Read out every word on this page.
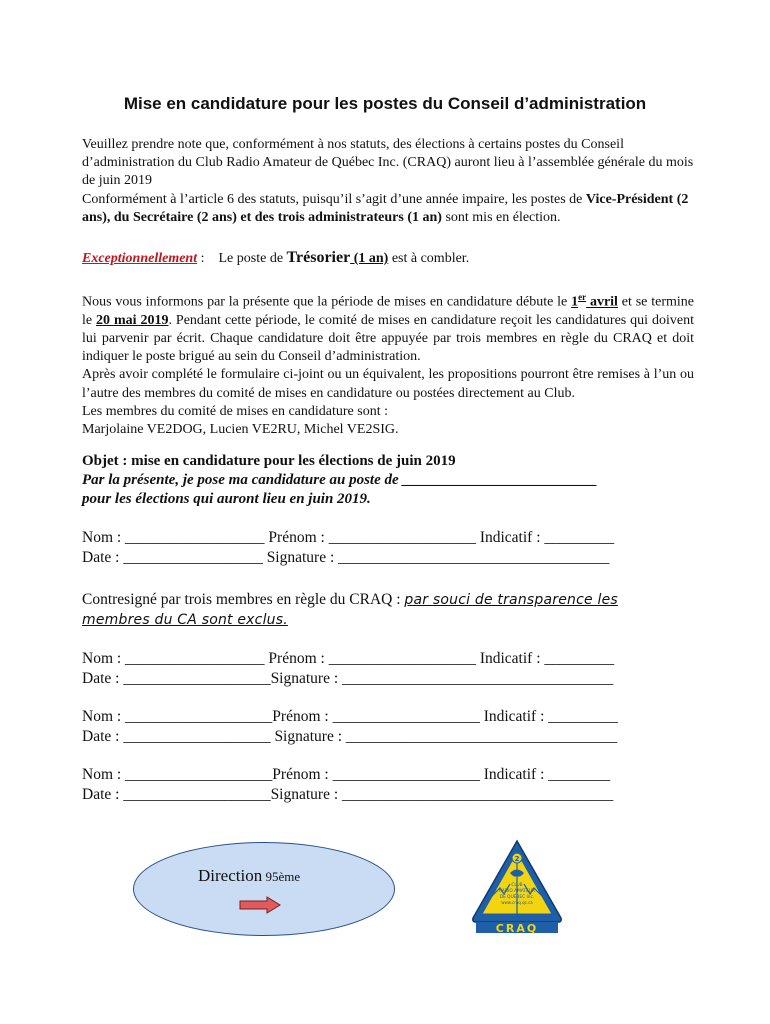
Mise en candidature pour les postes du Conseil d’administration
Veuillez prendre note que, conformément à nos statuts, des élections à certains postes du Conseil d’administration du Club Radio Amateur de Québec Inc. (CRAQ) auront lieu à l’assemblée générale du mois de juin 2019
Conformément à l’article 6 des statuts, puisqu’il s’agit d’une année impaire, les postes de Vice-Président (2 ans), du Secrétaire (2 ans) et des trois administrateurs (1 an) sont mis en élection.
Exceptionnellement : Le poste de Trésorier (1 an) est à combler.
Nous vous informons par la présente que la période de mises en candidature débute le 1er avril et se termine le 20 mai 2019. Pendant cette période, le comité de mises en candidature reçoit les candidatures qui doivent lui parvenir par écrit. Chaque candidature doit être appuyée par trois membres en règle du CRAQ et doit indiquer le poste brigué au sein du Conseil d’administration.
Après avoir complété le formulaire ci-joint ou un équivalent, les propositions pourront être remises à l’un ou l’autre des membres du comité de mises en candidature ou postées directement au Club.
Les membres du comité de mises en candidature sont :
Marjolaine VE2DOG, Lucien VE2RU, Michel VE2SIG.
Objet : mise en candidature pour les élections de juin 2019
Par la présente, je pose ma candidature au poste de __________________________
pour les élections qui auront lieu en juin 2019.
Nom : __________________ Prénom : ___________________ Indicatif : _________
Date : __________________ Signature : ___________________________________
Contresigné par trois membres en règle du CRAQ : par souci de transparence les
membres du CA sont exclus.
Nom : __________________ Prénom : ___________________ Indicatif : _________
Date : ___________________Signature : ___________________________________
Nom : ___________________Prénom : ___________________ Indicatif : _________
Date : ___________________ Signature : ___________________________________
Nom : ___________________Prénom : ___________________ Indicatif : ________
Date : ___________________Signature : ___________________________________
Direction 95ème
2
CLUB
RADIO AMATEUR
DE QUÉBEC Inc.
www.craq.qc.ca
CRAQ
